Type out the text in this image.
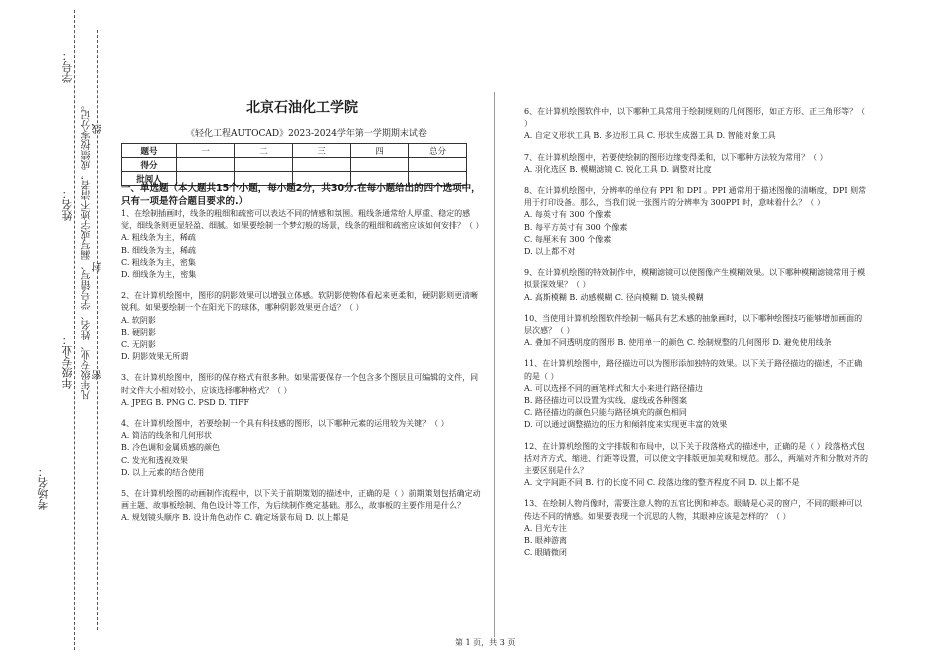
学号：
姓名：
年级专业：
考场名：
凡年级专业、姓名、学号错写、漏写或字迹不清者，成绩按零分记。 密
封
线
北京石油化工学院
《轻化工程AUTOCAD》2023-2024学年第一学期期末试卷
题号	一	二	三	四	总分
得分					
批阅人					
一、单选题（本大题共15个小题，每小题2分，共30分.在每小题给出的四个选项中，只有一项是符合题目要求的.）

1、在绘制插画时，线条的粗细和疏密可以表达不同的情感和氛围。粗线条通常给人厚重、稳定的感觉，细线条则更显轻盈、细腻。如果要绘制一个梦幻般的场景，线条的粗细和疏密应该如何安排？（ ）

A. 粗线条为主，稀疏

B. 细线条为主，稀疏

C. 粗线条为主，密集

D. 细线条为主，密集

2、在计算机绘图中，图形的阴影效果可以增强立体感。软阴影使物体看起来更柔和，硬阴影则更清晰锐利。如果要绘制一个在阳光下的球体，哪种阴影效果更合适？（ ）

A. 软阴影

B. 硬阴影

C. 无阴影

D. 阴影效果无所谓

3、在计算机绘图中，图形的保存格式有很多种。如果需要保存一个包含多个图层且可编辑的文件，同时文件大小相对较小，应该选择哪种格式？（ ）

A. JPEG B. PNG C. PSD D. TIFF

4、在计算机绘图中，若要绘制一个具有科技感的图形，以下哪种元素的运用较为关键？（ ）

A. 简洁的线条和几何形状

B. 冷色调和金属质感的颜色

C. 发光和透视效果

D. 以上元素的结合使用

5、在计算机绘图的动画制作流程中，以下关于前期策划的描述中，正确的是（ ）前期策划包括确定动画主题、故事板绘制、角色设计等工作，为后续制作奠定基础。那么，故事板的主要作用是什么？

A. 规划镜头顺序 B. 设计角色动作 C. 确定场景布局 D. 以上都是

6、在计算机绘图软件中，以下哪种工具常用于绘制规则的几何图形，如正方形、正三角形等？（ ）

A. 自定义形状工具 B. 多边形工具 C. 形状生成器工具 D. 智能对象工具

7、在计算机绘图中，若要使绘制的图形边缘变得柔和，以下哪种方法较为常用？（ ）

A. 羽化选区 B. 模糊滤镜 C. 锐化工具 D. 调整对比度

8、在计算机绘图中，分辨率的单位有 PPI 和 DPI 。PPI 通常用于描述图像的清晰度，DPI 则常用于打印设备。那么，当我们说一张图片的分辨率为 300PPI 时，意味着什么？（ ）

A. 每英寸有 300 个像素

B. 每平方英寸有 300 个像素

C. 每厘米有 300 个像素

D. 以上都不对

9、在计算机绘图的特效制作中，模糊滤镜可以使图像产生模糊效果。以下哪种模糊滤镜常用于模拟景深效果？（ ）

A. 高斯模糊 B. 动感模糊 C. 径向模糊 D. 镜头模糊

10、当使用计算机绘图软件绘制一幅具有艺术感的抽象画时，以下哪种绘图技巧能够增加画面的层次感？（ ）

A. 叠加不同透明度的图形 B. 使用单一的颜色 C. 绘制规整的几何图形 D. 避免使用线条

11、在计算机绘图中，路径描边可以为图形添加独特的效果。以下关于路径描边的描述，不正确的是（ ）

A. 可以选择不同的画笔样式和大小来进行路径描边

B. 路径描边可以设置为实线、虚线或各种图案

C. 路径描边的颜色只能与路径填充的颜色相同

D. 可以通过调整描边的压力和倾斜度来实现更丰富的效果

12、在计算机绘图的文字排版和布局中，以下关于段落格式的描述中，正确的是（ ）段落格式包括对齐方式、缩进、行距等设置，可以使文字排版更加美观和规范。那么，两端对齐和分散对齐的主要区别是什么？

A. 文字间距不同 B. 行的长度不同 C. 段落边缘的整齐程度不同 D. 以上都不是

13、在绘制人物肖像时，需要注意人物的五官比例和神态。眼睛是心灵的窗户，不同的眼神可以传达不同的情感。如果要表现一个沉思的人物，其眼神应该是怎样的？（ ）

A. 目光专注

B. 眼神游离

C. 眼睛微闭

第 1 页，共 3 页
